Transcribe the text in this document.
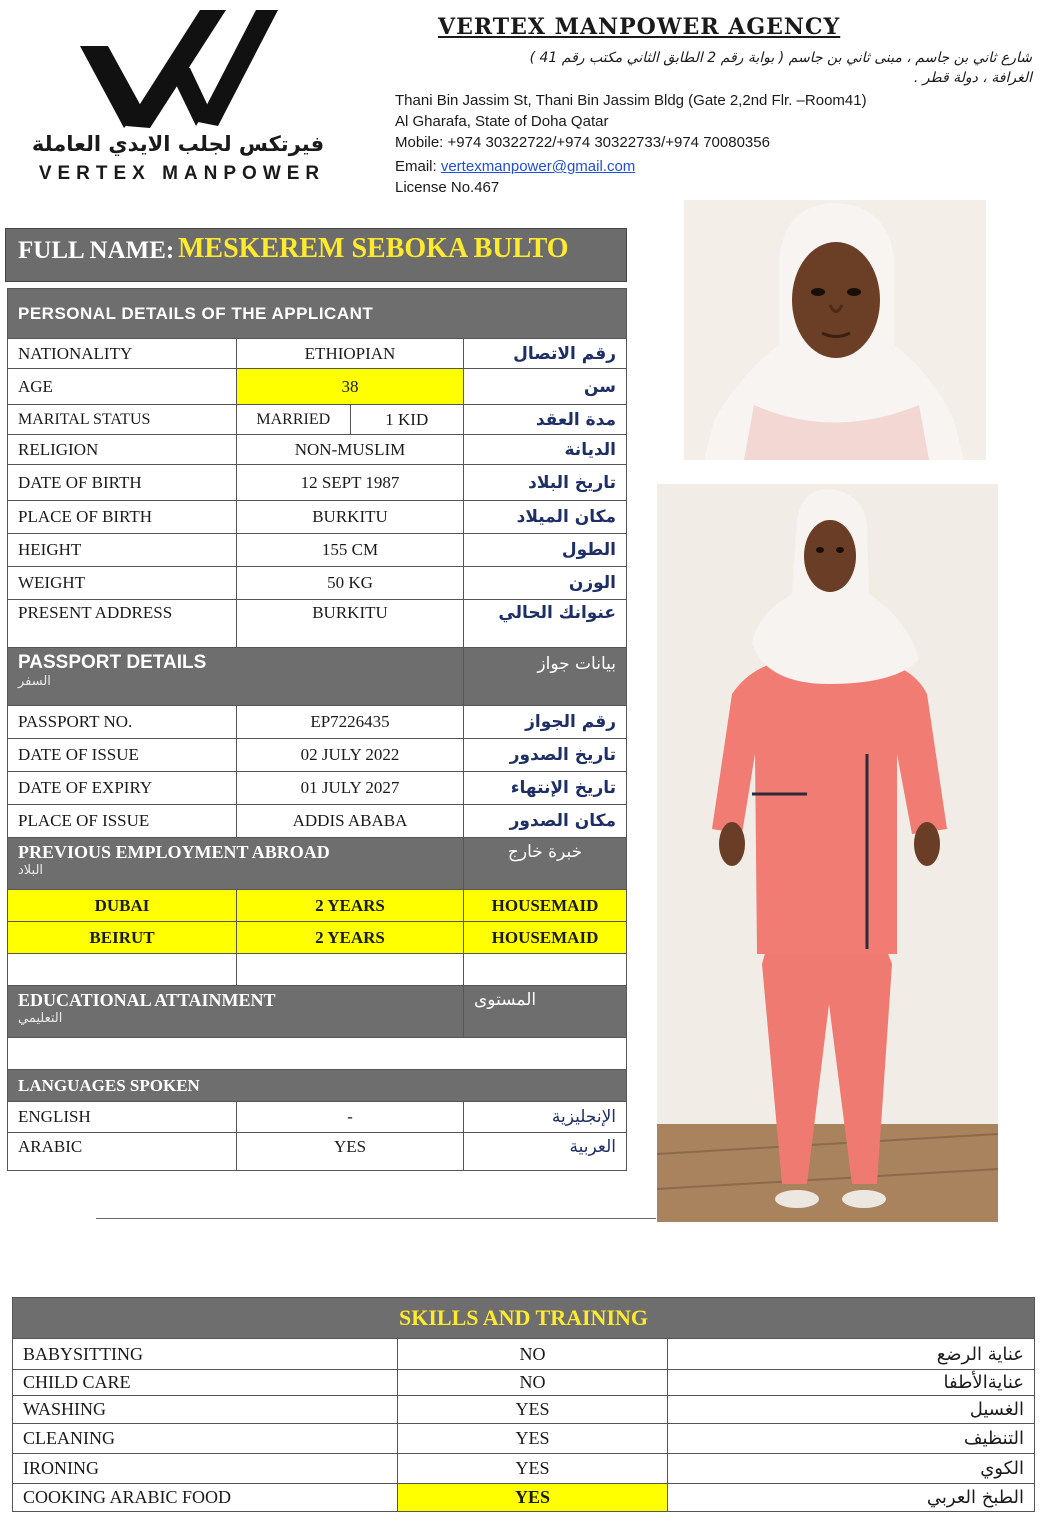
فيرتكس لجلب الايدي العاملة
VERTEX MANPOWER
VERTEX MANPOWER AGENCY
شارع ثاني بن جاسم ، مبنى ثاني بن جاسم ( بوابة رقم 2 الطابق الثاني مكتب رقم 41 )
الغرافة ، دولة قطر .
Thani Bin Jassim St, Thani Bin Jassim Bldg (Gate 2,2nd Flr. –Room41)
Al Gharafa, State of Doha Qatar
Mobile: +974 30322722/+974 30322733/+974 70080356
Email: vertexmanpower@gmail.com
License No.467
FULL NAME: MESKEREM SEBOKA BULTO
PERSONAL DETAILS OF THE APPLICANT		
NATIONALITY	ETHIOPIAN	رقم الاتصال
AGE	38	سن
MARITAL STATUS	MARRIED 1 KID	مدة العقد
RELIGION	NON-MUSLIM	الديانة
DATE OF BIRTH	12 SEPT 1987	تاريخ البلاد
PLACE OF BIRTH	BURKITU	مكان الميلاد
HEIGHT	155 CM	الطول
WEIGHT	50 KG	الوزن
PRESENT ADDRESS	BURKITU	عنوانك الحالي
PASSPORT DETAILS
السفر		بيانات جواز
PASSPORT NO.	EP7226435	رقم الجواز
DATE OF ISSUE	02 JULY 2022	تاريخ الصدور
DATE OF EXPIRY	01 JULY 2027	تاريخ الإنتهاء
PLACE OF ISSUE	ADDIS ABABA	مكان الصدور
PREVIOUS EMPLOYMENT ABROAD
البلاد		خبرة خارج
DUBAI	2 YEARS	HOUSEMAID
BEIRUT	2 YEARS	HOUSEMAID

EDUCATIONAL ATTAINMENT
التعليمي		المستوى

LANGUAGES SPOKEN		
ENGLISH	-	الإنجليزية
ARABIC	YES	العربية
SKILLS AND TRAINING		
BABYSITTING	NO	عناية الرضع
CHILD CARE	NO	عنايةالأطفا
WASHING	YES	الغسيل
CLEANING	YES	التنظيف
IRONING	YES	الكوي
COOKING ARABIC FOOD	YES	الطبخ العربي
